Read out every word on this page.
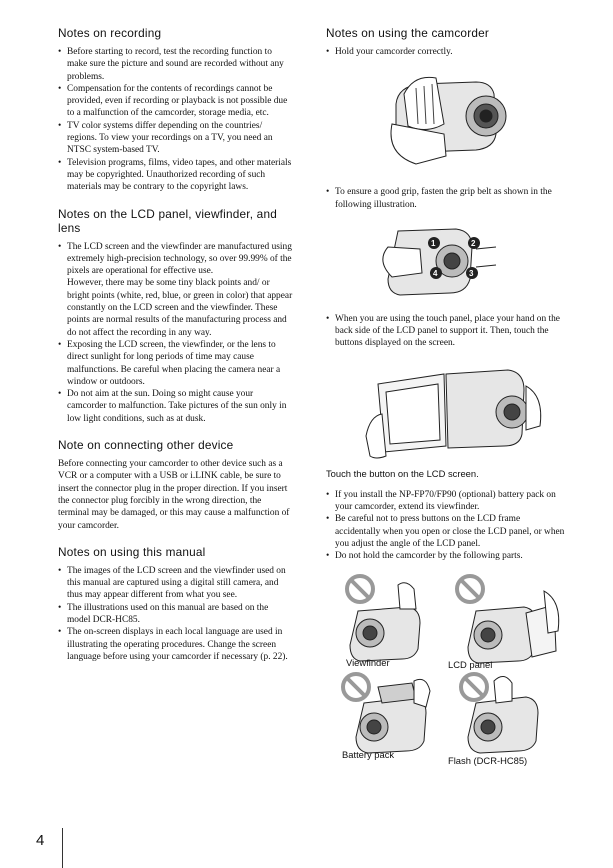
Notes on recording
• Before starting to record, test the recording function to make sure the picture and sound are recorded without any problems.
• Compensation for the contents of recordings cannot be provided, even if recording or playback is not possible due to a malfunction of the camcorder, storage media, etc.
• TV color systems differ depending on the countries/ regions. To view your recordings on a TV, you need an NTSC system-based TV.
• Television programs, films, video tapes, and other materials may be copyrighted. Unauthorized recording of such materials may be contrary to the copyright laws.
Notes on the LCD panel, viewfinder, and lens
• The LCD screen and the viewfinder are manufactured using extremely high-precision technology, so over 99.99% of the pixels are operational for effective use.
However, there may be some tiny black points and/ or bright points (white, red, blue, or green in color) that appear constantly on the LCD screen and the viewfinder. These points are normal results of the manufacturing process and do not affect the recording in any way.
• Exposing the LCD screen, the viewfinder, or the lens to direct sunlight for long periods of time may cause malfunctions. Be careful when placing the camera near a window or outdoors.
• Do not aim at the sun. Doing so might cause your camcorder to malfunction. Take pictures of the sun only in low light conditions, such as at dusk.
Note on connecting other device

Before connecting your camcorder to other device such as a VCR or a computer with a USB or i.LINK cable, be sure to insert the connector plug in the proper direction. If you insert the connector plug forcibly in the wrong direction, the terminal may be damaged, or this may cause a malfunction of your camcorder.

Notes on using this manual
• The images of the LCD screen and the viewfinder used on this manual are captured using a digital still camera, and thus may appear different from what you see.
• The illustrations used on this manual are based on the model DCR-HC85.
• The on-screen displays in each local language are used in illustrating the operating procedures. Change the screen language before using your camcorder if necessary (p. 22).
Notes on using the camcorder
• Hold your camcorder correctly.
• To ensure a good grip, fasten the grip belt as shown in the following illustration.
1	2
3
4
• When you are using the touch panel, place your hand on the back side of the LCD panel to support it. Then, touch the buttons displayed on the screen.
Touch the button on the LCD screen.
• If you install the NP-FP70/FP90 (optional) battery pack on your camcorder, extend its viewfinder.
• Be careful not to press buttons on the LCD frame accidentally when you open or close the LCD panel, or when you adjust the angle of the LCD panel.
• Do not hold the camcorder by the following parts.
Viewfinder	LCD panel
Battery pack
Flash (DCR-HC85)
4
